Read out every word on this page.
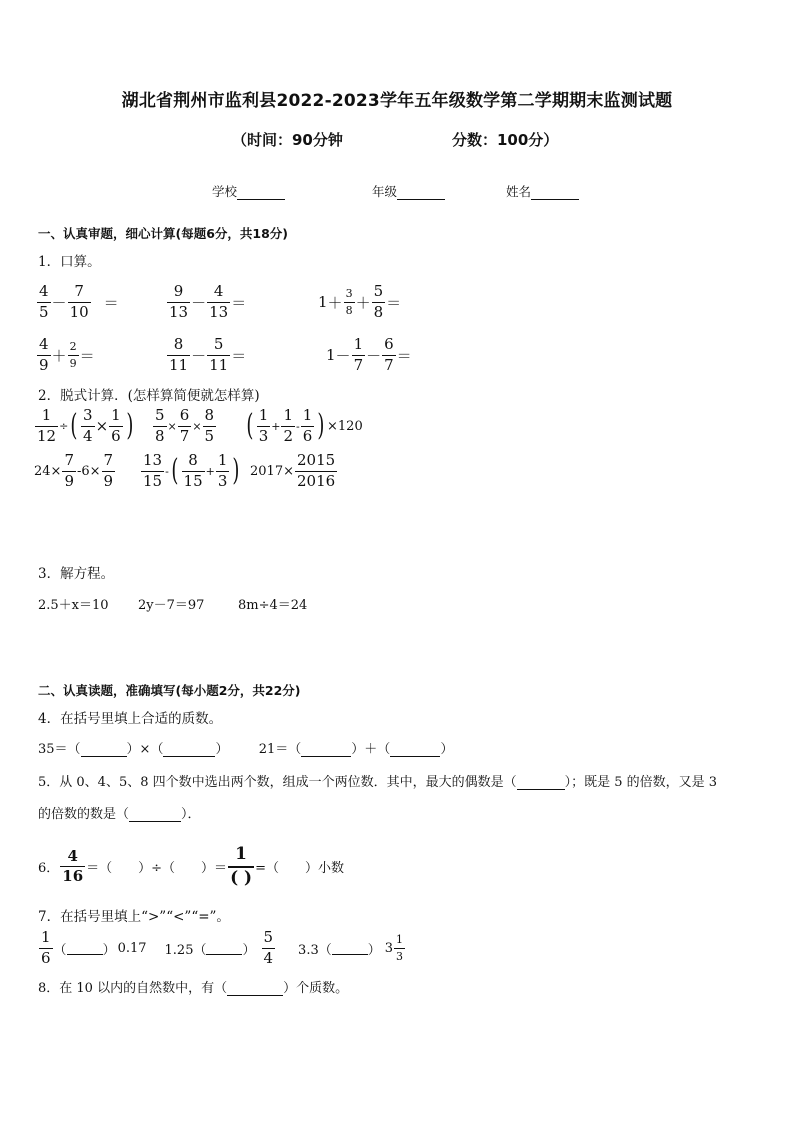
湖北省荆州市监利县2022-2023学年五年级数学第二学期期末监测试题
（时间：90分钟	分数：100分）
学校	年级	姓名
一、认真审题，细心计算(每题6分，共18分)
1．口算。
$\frac{4}{5} - \frac{7}{10}$ ＝	$\frac{9}{13} - \frac{4}{13}$ ＝	$1 + \frac{3}{8} + \frac{5}{8}$ ＝
$\frac{4}{9} + \frac{2}{9}$ ＝	$\frac{8}{11} - \frac{5}{11}$ ＝	$1 - \frac{1}{7} - \frac{6}{7}$ ＝
2．脱式计算．(怎样算简便就怎样算)
$\frac{1}{12}$ ÷ ( $\frac{3}{4} \times \frac{1}{6}$ ) $\frac{5}{8} \times \frac{6}{7} \times \frac{8}{5}$ ( $\frac{1}{3} + \frac{1}{2} - \frac{1}{6}$ ) ×120
$24\times \frac{7}{9} -6\times \frac{7}{9} \frac{13}{15}$ - ( $\frac{8}{15} + \frac{1}{3}$ ) $2017\times \frac{2015}{2016}$
3．解方程。
2.5＋x＝10 2y－7＝97	8m÷4＝24
二、认真读题，准确填写(每小题2分，共22分)
4．在括号里填上合适的质数。
35＝（	）×（	） 21＝（	）＋（	）
5．从 0、4、5、8 四个数中选出两个数，组成一个两位数．其中，最大的偶数是（	）；既是 5 的倍数，又是 3
的倍数的数是（	）．
6． $\frac{4}{16}$ ＝（　　）÷（　　）＝ $\frac{1}{( )}$ =（　　）小数
7．在括号里填上“>”“<”“=”。
$\frac{1}{6}$ （	） 0.17 1.25（	） $\frac{5}{4} 3.3$（	） $3 \frac{1}{3}$
8．在 10 以内的自然数中，有（	）个质数。
